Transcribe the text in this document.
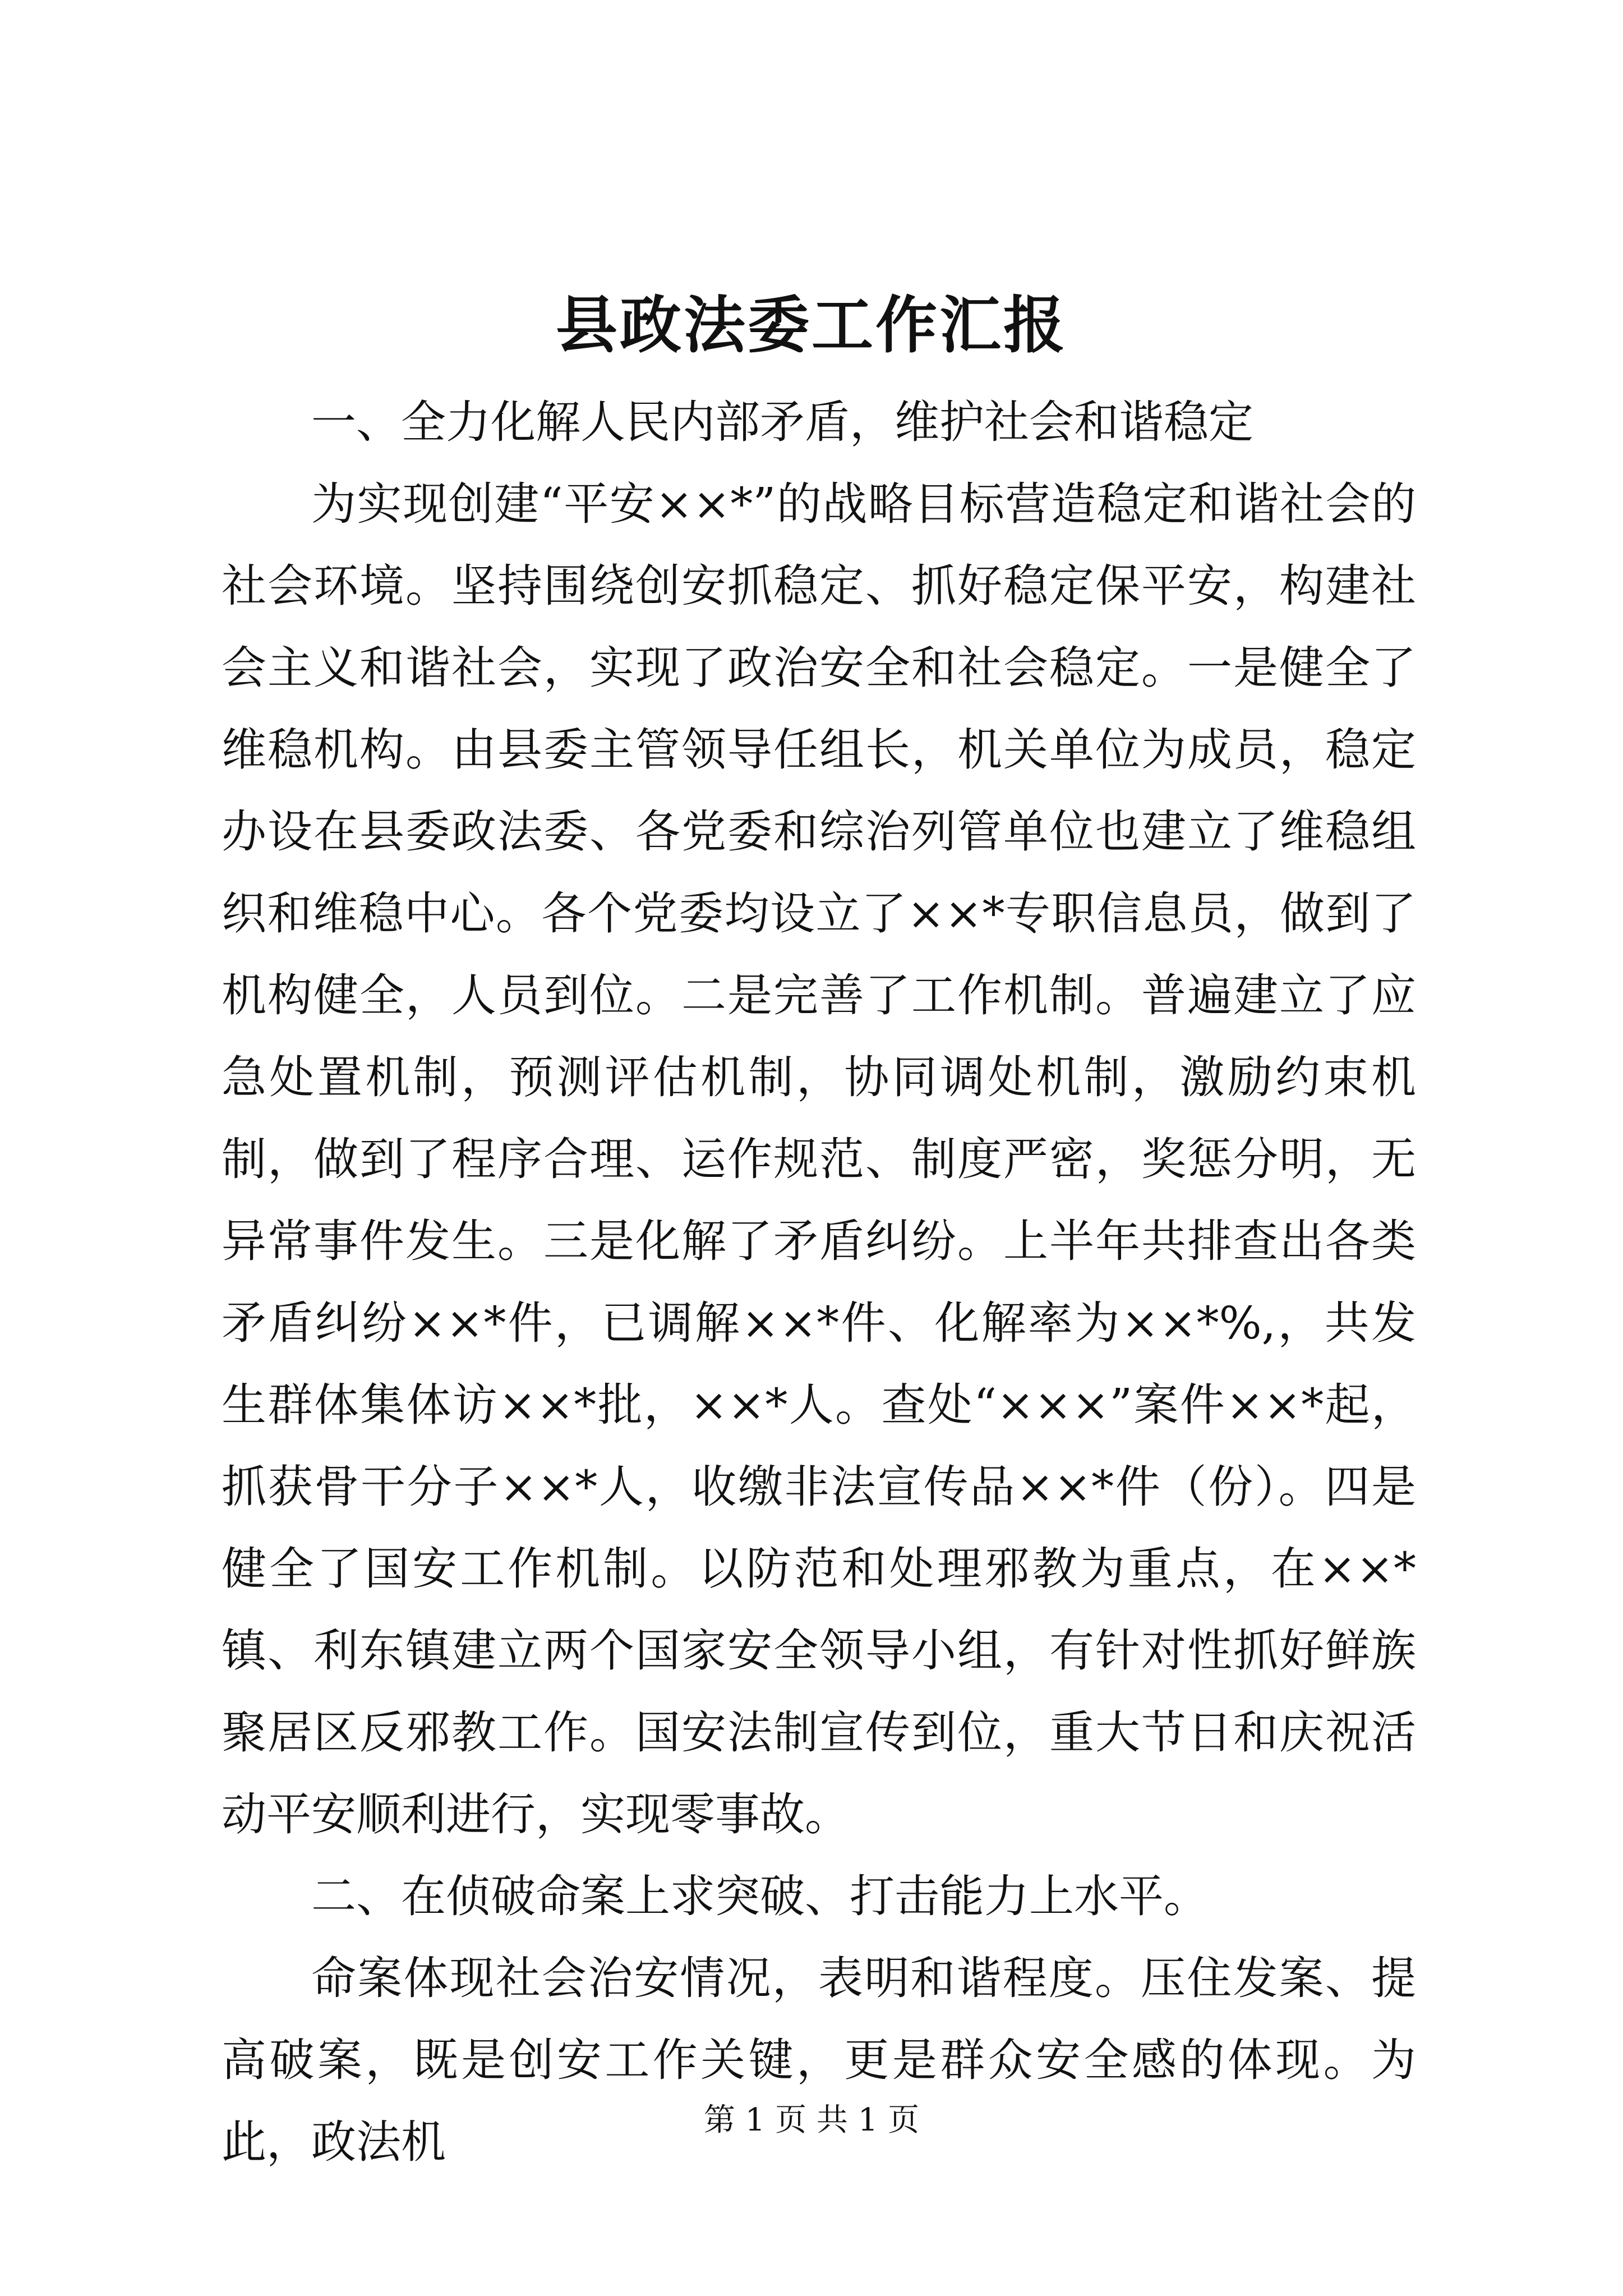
县政法委工作汇报

一、全力化解人民内部矛盾，维护社会和谐稳定

为实现创建“平安××*”的战略目标营造稳定和谐社会的社会环境。坚持围绕创安抓稳定、抓好稳定保平安，构建社会主义和谐社会，实现了政治安全和社会稳定。一是健全了维稳机构。由县委主管领导任组长，机关单位为成员，稳定办设在县委政法委、各党委和综治列管单位也建立了维稳组织和维稳中心。各个党委均设立了××*专职信息员，做到了机构健全，人员到位。二是完善了工作机制。普遍建立了应急处置机制，预测评估机制，协同调处机制，激励约束机制，做到了程序合理、运作规范、制度严密，奖惩分明，无异常事件发生。三是化解了矛盾纠纷。上半年共排查出各类矛盾纠纷××*件，已调解××*件、化解率为××*%,，共发生群体集体访××*批，××*人。查处“×××”案件××*起，抓获骨干分子××*人，收缴非法宣传品××*件（份）。四是健全了国安工作机制。以防范和处理邪教为重点，在××*镇、利东镇建立两个国家安全领导小组，有针对性抓好鲜族聚居区反邪教工作。国安法制宣传到位，重大节日和庆祝活动平安顺利进行，实现零事故。

二、在侦破命案上求突破、打击能力上水平。

命案体现社会治安情况，表明和谐程度。压住发案、提高破案，既是创安工作关键，更是群众安全感的体现。为此，政法机	第 1 页 共 1 页
